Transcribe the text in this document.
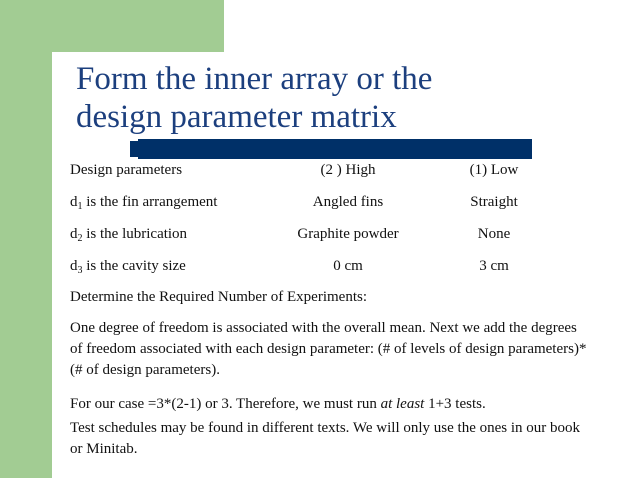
Form the inner array or the
design parameter matrix
Design parameters	(2 ) High	(1) Low
$d_1$ is the fin arrangement	Angled fins	Straight
$d_2$ is the lubrication	Graphite powder	None
$d_3$ is the cavity size	0 cm	3 cm

Determine the Required Number of Experiments:

One degree of freedom is associated with the overall mean. Next we add the degrees of freedom associated with each design parameter: (# of levels of design parameters)*(# of design parameters).

For our case =3*(2-1) or 3. Therefore, we must run at least 1+3 tests.

Test schedules may be found in different texts. We will only use the ones in our book or Minitab.
